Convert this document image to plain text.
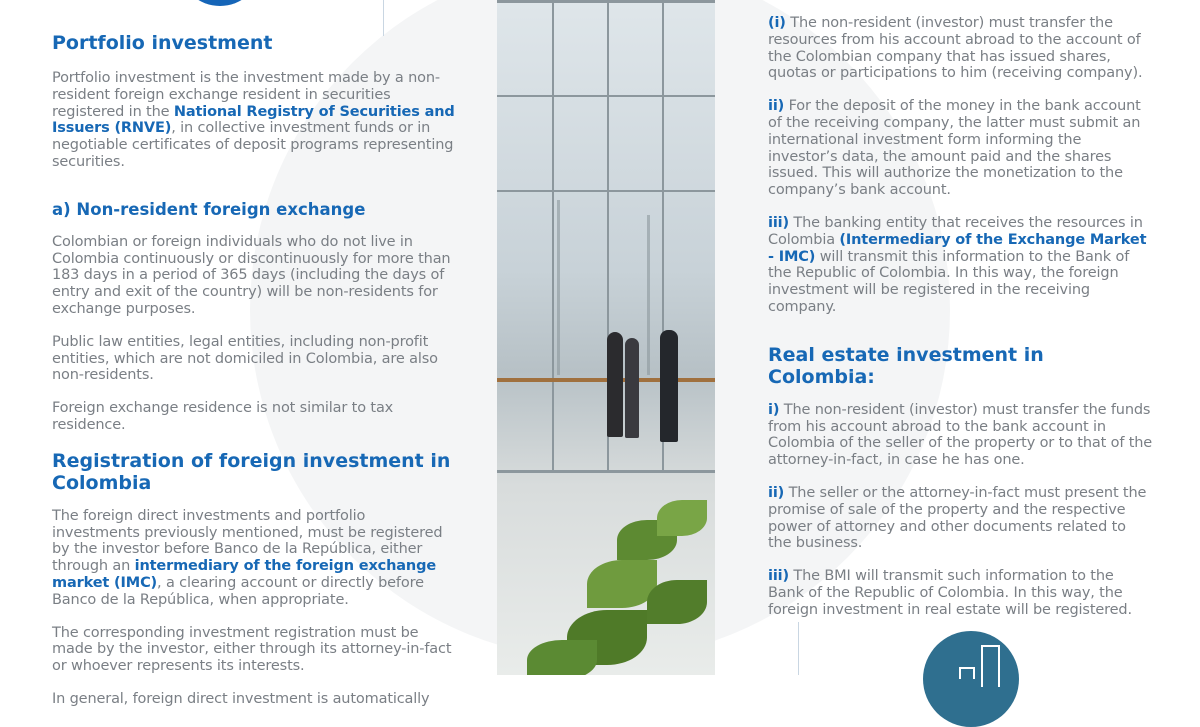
Portfolio investment

Portfolio investment is the investment made by a non-resident foreign exchange resident in securities registered in the National Registry of Securities and Issuers (RNVE), in collective investment funds or in negotiable certificates of deposit programs representing securities.

a) Non-resident foreign exchange

Colombian or foreign individuals who do not live in Colombia continuously or discontinuously for more than 183 days in a period of 365 days (including the days of entry and exit of the country) will be non-residents for exchange purposes.

Public law entities, legal entities, including non-profit entities, which are not domiciled in Colombia, are also non-residents.

Foreign exchange residence is not similar to tax residence.

Registration of foreign investment in Colombia

The foreign direct investments and portfolio investments previously mentioned, must be registered by the investor before Banco de la República, either through an intermediary of the foreign exchange market (IMC), a clearing account or directly before Banco de la República, when appropriate.

The corresponding investment registration must be made by the investor, either through its attorney-in-fact or whoever represents its interests.

In general, foreign direct investment is automatically

(i) The non-resident (investor) must transfer the resources from his account abroad to the account of the Colombian company that has issued shares, quotas or participations to him (receiving company).

ii) For the deposit of the money in the bank account of the receiving company, the latter must submit an international investment form informing the investor’s data, the amount paid and the shares issued. This will authorize the monetization to the company’s bank account.

iii) The banking entity that receives the resources in Colombia (Intermediary of the Exchange Market - IMC) will transmit this information to the Bank of the Republic of Colombia. In this way, the foreign investment will be registered in the receiving company.

Real estate investment in Colombia:

i) The non-resident (investor) must transfer the funds from his account abroad to the bank account in Colombia of the seller of the property or to that of the attorney-in-fact, in case he has one.

ii) The seller or the attorney-in-fact must present the promise of sale of the property and the respective power of attorney and other documents related to the business.

iii) The BMI will transmit such information to the Bank of the Republic of Colombia. In this way, the foreign investment in real estate will be registered.
